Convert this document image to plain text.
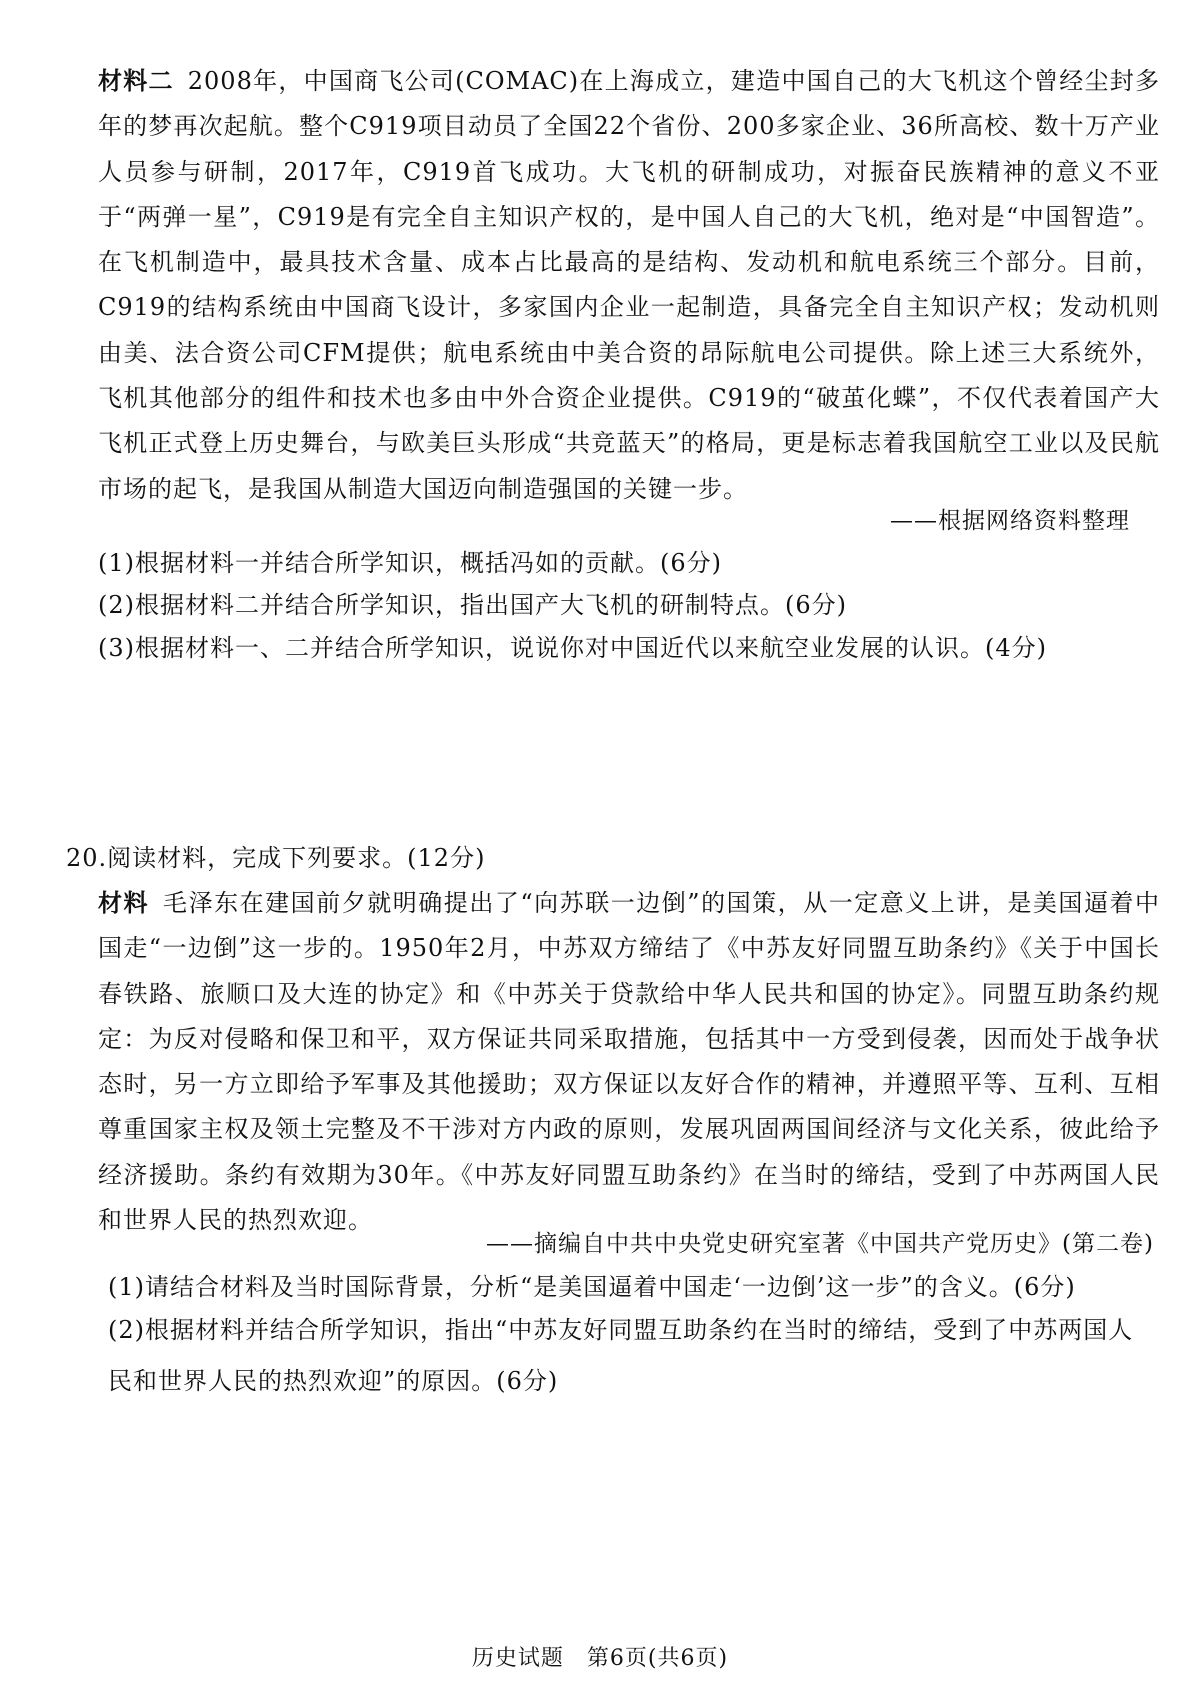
材料二 2008年，中国商飞公司(COMAC)在上海成立，建造中国自己的大飞机这个曾经尘封多年的梦再次起航。整个C919项目动员了全国22个省份、200多家企业、36所高校、数十万产业人员参与研制，2017年，C919首飞成功。大飞机的研制成功，对振奋民族精神的意义不亚于“两弹一星”，C919是有完全自主知识产权的，是中国人自己的大飞机，绝对是“中国智造”。在飞机制造中，最具技术含量、成本占比最高的是结构、发动机和航电系统三个部分。目前，C919的结构系统由中国商飞设计，多家国内企业一起制造，具备完全自主知识产权；发动机则由美、法合资公司CFM提供；航电系统由中美合资的昂际航电公司提供。除上述三大系统外，飞机其他部分的组件和技术也多由中外合资企业提供。C919的“破茧化蝶”，不仅代表着国产大飞机正式登上历史舞台，与欧美巨头形成“共竞蓝天”的格局，更是标志着我国航空工业以及民航市场的起飞，是我国从制造大国迈向制造强国的关键一步。

——根据网络资料整理

(1)根据材料一并结合所学知识，概括冯如的贡献。(6分)

(2)根据材料二并结合所学知识，指出国产大飞机的研制特点。(6分)

(3)根据材料一、二并结合所学知识，说说你对中国近代以来航空业发展的认识。(4分)

20.阅读材料，完成下列要求。(12分)

材料 毛泽东在建国前夕就明确提出了“向苏联一边倒”的国策，从一定意义上讲，是美国逼着中国走“一边倒”这一步的。1950年2月，中苏双方缔结了《中苏友好同盟互助条约》《关于中国长春铁路、旅顺口及大连的协定》和《中苏关于贷款给中华人民共和国的协定》。同盟互助条约规定：为反对侵略和保卫和平，双方保证共同采取措施，包括其中一方受到侵袭，因而处于战争状态时，另一方立即给予军事及其他援助；双方保证以友好合作的精神，并遵照平等、互利、互相尊重国家主权及领土完整及不干涉对方内政的原则，发展巩固两国间经济与文化关系，彼此给予经济援助。条约有效期为30年。《中苏友好同盟互助条约》在当时的缔结，受到了中苏两国人民和世界人民的热烈欢迎。

——摘编自中共中央党史研究室著《中国共产党历史》(第二卷)

(1)请结合材料及当时国际背景，分析“是美国逼着中国走‘一边倒’这一步”的含义。(6分)

(2)根据材料并结合所学知识，指出“中苏友好同盟互助条约在当时的缔结，受到了中苏两国人民和世界人民的热烈欢迎”的原因。(6分)

历史试题　第6页(共6页)
